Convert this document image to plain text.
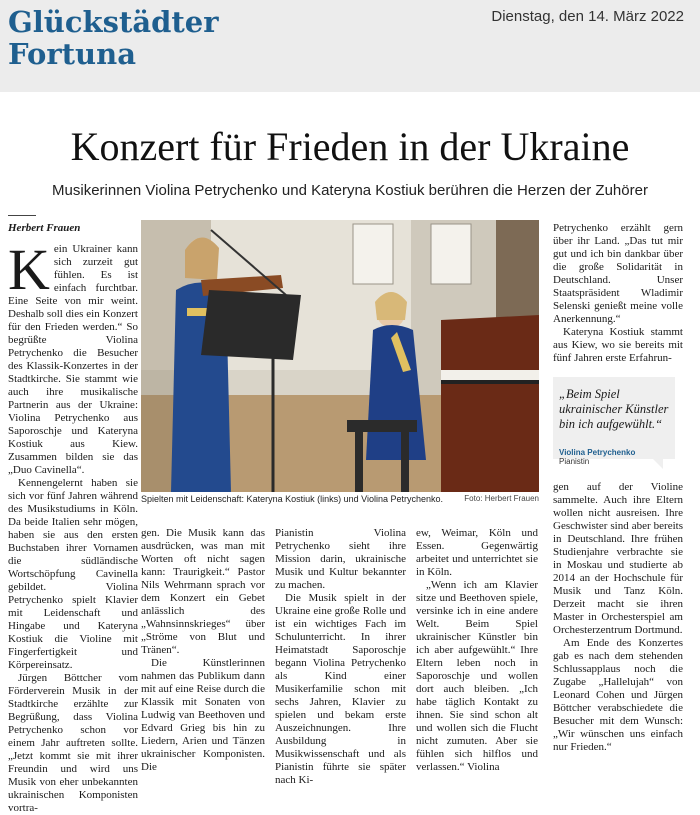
Glückstädter
Fortuna
Dienstag, den 14. März 2022
Konzert für Frieden in der Ukraine
Musikerinnen Violina Petrychenko und Kateryna Kostiuk berühren die Herzen der Zuhörer
Herbert Frauen

Kein Ukrainer kann sich zurzeit gut fühlen. Es ist einfach furchtbar. Eine Seite von mir weint. Deshalb soll dies ein Konzert für den Frieden werden.“ So begrüßte Violina Petrychenko die Besucher des Klassik-Konzertes in der Stadtkirche. Sie stammt wie auch ihre musikalische Partnerin aus der Ukraine: Violina Petrychenko aus Saporoschje und Kateryna Kostiuk aus Kiew. Zusammen bilden sie das „Duo Cavinella“.

Kennengelernt haben sie sich vor fünf Jahren während des Musikstudiums in Köln. Da beide Italien sehr mögen, haben sie aus den ersten Buchstaben ihrer Vornamen die südländische Wortschöpfung Cavinella gebildet. Violina Petrychenko spielt Klavier mit Leidenschaft und Hingabe und Kateryna Kostiuk die Violine mit Fingerfertigkeit und Körpereinsatz.

Jürgen Böttcher vom Förderverein Musik in der Stadtkirche erzählte zur Begrüßung, dass Violina Petrychenko schon vor einem Jahr auftreten sollte. „Jetzt kommt sie mit ihrer Freundin und wird uns Musik von eher unbekannten ukrainischen Komponisten vortra-

Spielten mit Leidenschaft: Kateryna Kostiuk (links) und Violina Petrychenko.	Foto: Herbert Frauen

gen. Die Musik kann das ausdrücken, was man mit Worten oft nicht sagen kann: Traurigkeit.“ Pastor Nils Wehrmann sprach vor dem Konzert ein Gebet anlässlich des „Wahnsinnskrieges“ über „Ströme von Blut und Tränen“.

Die Künstlerinnen nahmen das Publikum dann mit auf eine Reise durch die Klassik mit Sonaten von Ludwig van Beethoven und Edvard Grieg bis hin zu Liedern, Arien und Tänzen ukrainischer Komponisten. Die

Pianistin Violina Petrychenko sieht ihre Mission darin, ukrainische Musik und Kultur bekannter zu machen.

Die Musik spielt in der Ukraine eine große Rolle und ist ein wichtiges Fach im Schulunterricht. In ihrer Heimatstadt Saporoschje begann Violina Petrychenko als Kind einer Musikerfamilie schon mit sechs Jahren, Klavier zu spielen und bekam erste Auszeichnungen. Ihre Ausbildung in Musikwissenschaft und als Pianistin führte sie später nach Ki-

ew, Weimar, Köln und Essen. Gegenwärtig arbeitet und unterrichtet sie in Köln.

„Wenn ich am Klavier sitze und Beethoven spiele, versinke ich in eine andere Welt. Beim Spiel ukrainischer Künstler bin ich aber aufgewühlt.“ Ihre Eltern leben noch in Saporoschje und wollen dort auch bleiben. „Ich habe täglich Kontakt zu ihnen. Sie sind schon alt und wollen sich die Flucht nicht zumuten. Aber sie fühlen sich hilflos und verlassen.“ Violina

Petrychenko erzählt gern über ihr Land. „Das tut mir gut und ich bin dankbar über die große Solidarität in Deutschland. Unser Staatspräsident Wladimir Selenski genießt meine volle Anerkennung.“

Kateryna Kostiuk stammt aus Kiew, wo sie bereits mit fünf Jahren erste Erfahrun-

„Beim Spiel ukrainischer Künstler bin ich aufgewühlt.“
Violina Petrychenko
Pianistin

gen auf der Violine sammelte. Auch ihre Eltern wollen nicht ausreisen. Ihre Geschwister sind aber bereits in Deutschland. Ihre frühen Studienjahre verbrachte sie in Moskau und studierte ab 2014 an der Hochschule für Musik und Tanz Köln. Derzeit macht sie ihren Master in Orchesterspiel am Orchesterzentrum Dortmund.

Am Ende des Konzertes gab es nach dem stehenden Schlussapplaus noch die Zugabe „Hallelujah“ von Leonard Cohen und Jürgen Böttcher verabschiedete die Besucher mit dem Wunsch: „Wir wünschen uns einfach nur Frieden.“
